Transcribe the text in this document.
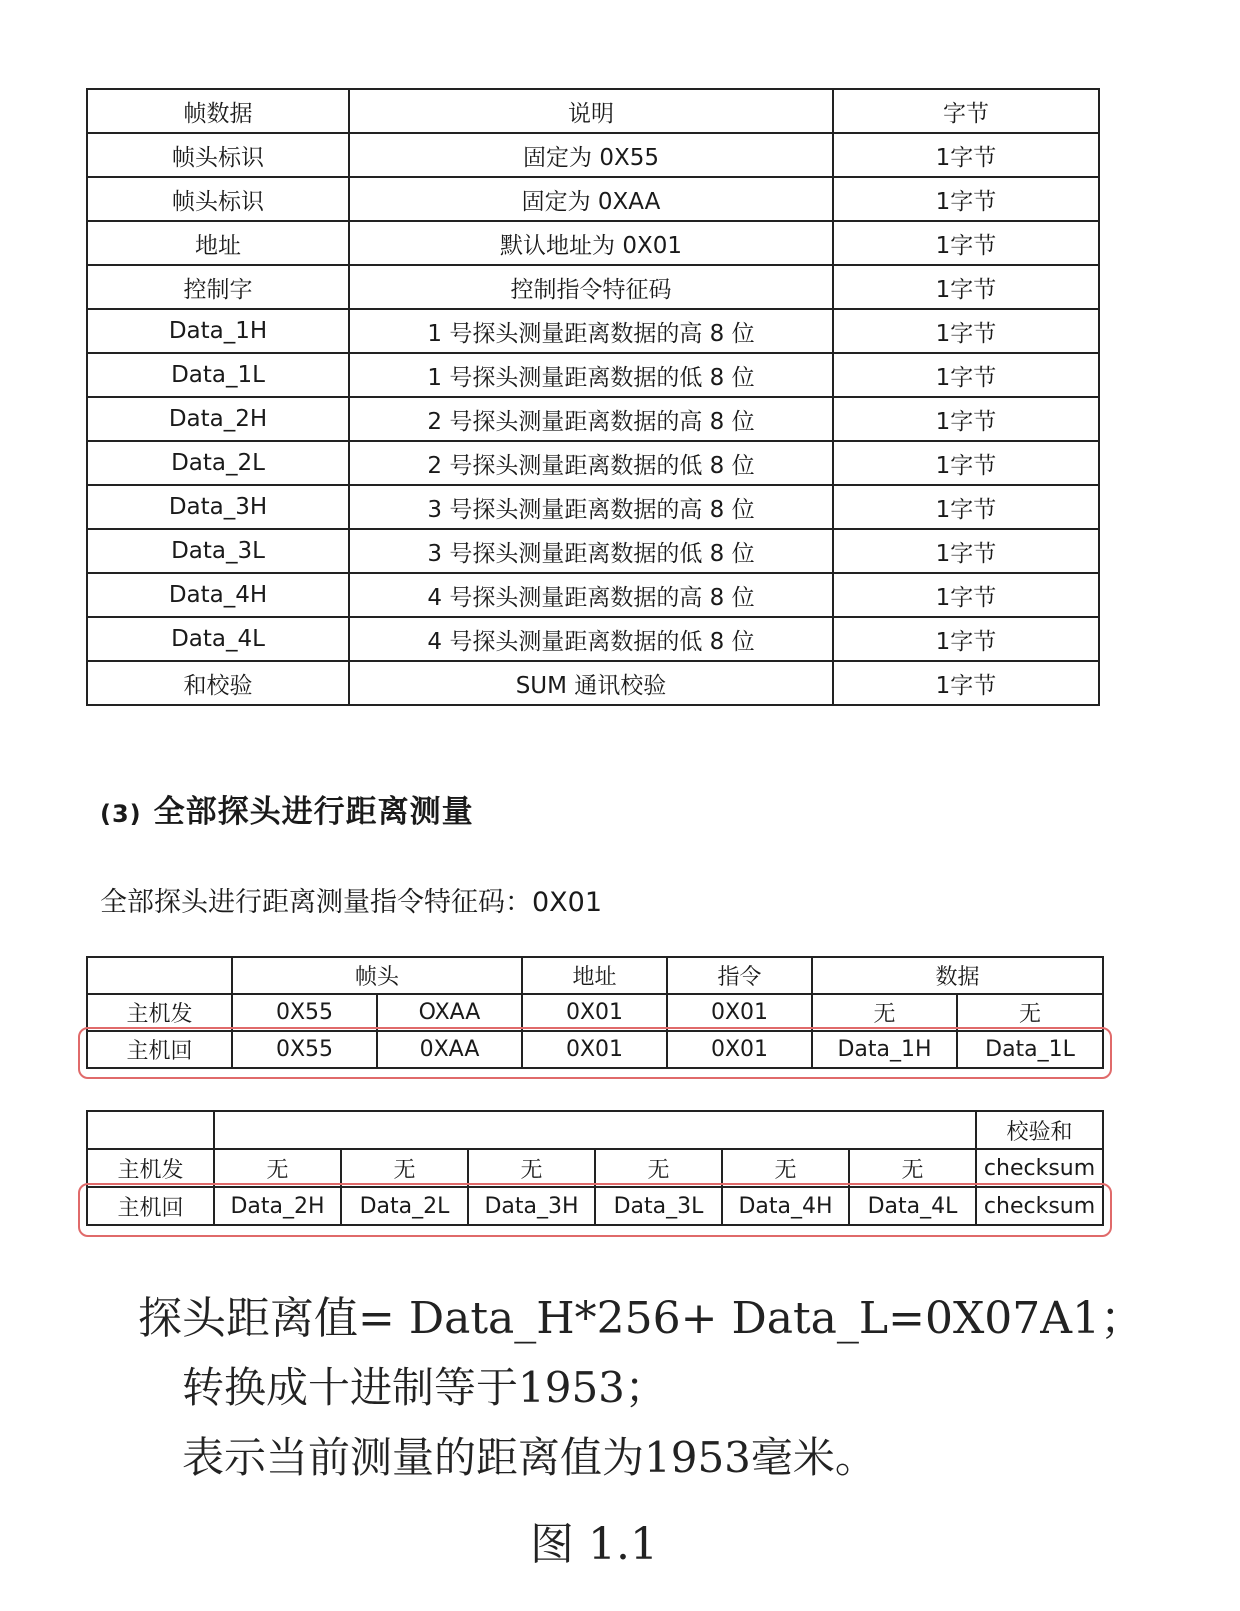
帧数据	说明	字节
帧头标识	固定为 0X55	1字节
帧头标识	固定为 0XAA	1字节
地址	默认地址为 0X01	1字节
控制字	控制指令特征码	1字节
Data_1H	1 号探头测量距离数据的高 8 位	1字节
Data_1L	1 号探头测量距离数据的低 8 位	1字节
Data_2H	2 号探头测量距离数据的高 8 位	1字节
Data_2L	2 号探头测量距离数据的低 8 位	1字节
Data_3H	3 号探头测量距离数据的高 8 位	1字节
Data_3L	3 号探头测量距离数据的低 8 位	1字节
Data_4H	4 号探头测量距离数据的高 8 位	1字节
Data_4L	4 号探头测量距离数据的低 8 位	1字节
和校验	SUM 通讯校验	1字节
(3) 全部探头进行距离测量
全部探头进行距离测量指令特征码：0X01
	帧头		地址	指令	数据	
主机发	0X55	OXAA	0X01	0X01	无	无
主机回	0X55	0XAA	0X01	0X01	Data_1H	Data_1L
							校验和
主机发	无	无	无	无	无	无	checksum
主机回	Data_2H	Data_2L	Data_3H	Data_3L	Data_4H	Data_4L	checksum
探头距离值= Data_H*256+ Data_L=0X07A1；
转换成十进制等于1953；
表示当前测量的距离值为1953毫米。
图 1.1
